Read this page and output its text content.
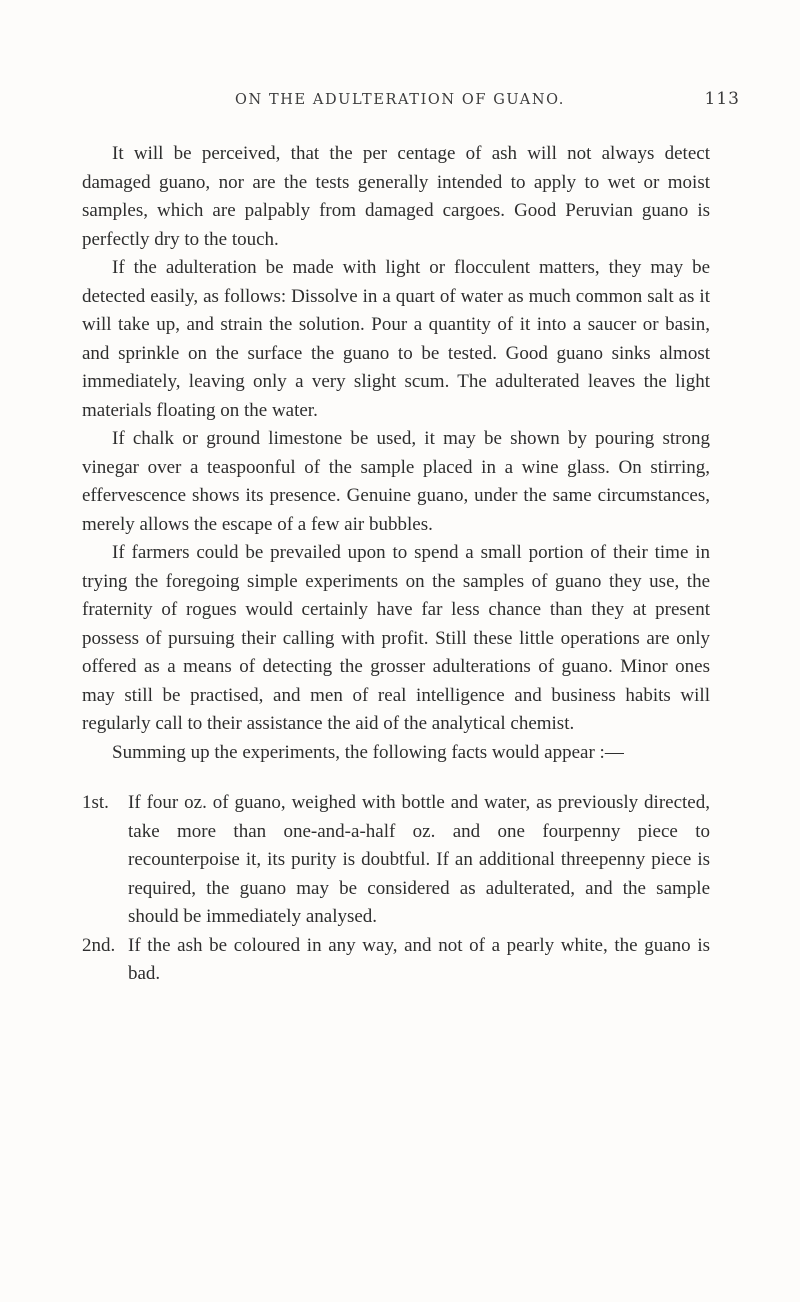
ON THE ADULTERATION OF GUANO.	113

It will be perceived, that the per centage of ash will not always detect damaged guano, nor are the tests generally intended to apply to wet or moist samples, which are palpably from damaged cargoes. Good Peruvian guano is perfectly dry to the touch.

If the adulteration be made with light or flocculent matters, they may be detected easily, as follows: Dissolve in a quart of water as much common salt as it will take up, and strain the solution. Pour a quantity of it into a saucer or basin, and sprinkle on the surface the guano to be tested. Good guano sinks almost immediately, leaving only a very slight scum. The adulterated leaves the light materials floating on the water.

If chalk or ground limestone be used, it may be shown by pouring strong vinegar over a teaspoonful of the sample placed in a wine glass. On stirring, effervescence shows its presence. Genuine guano, under the same circumstances, merely allows the escape of a few air bubbles.

If farmers could be prevailed upon to spend a small portion of their time in trying the foregoing simple experiments on the samples of guano they use, the fraternity of rogues would certainly have far less chance than they at present possess of pursuing their calling with profit. Still these little operations are only offered as a means of detecting the grosser adulterations of guano. Minor ones may still be practised, and men of real intelligence and business habits will regularly call to their assistance the aid of the analytical chemist.

Summing up the experiments, the following facts would appear :—

1st.	If four oz. of guano, weighed with bottle and water, as previously directed, take more than one-and-a-half oz. and one fourpenny piece to recounterpoise it, its purity is doubtful. If an additional threepenny piece is required, the guano may be considered as adulterated, and the sample should be immediately analysed.
2nd. If the ash be coloured in any way, and not of a pearly white, the guano is bad.
